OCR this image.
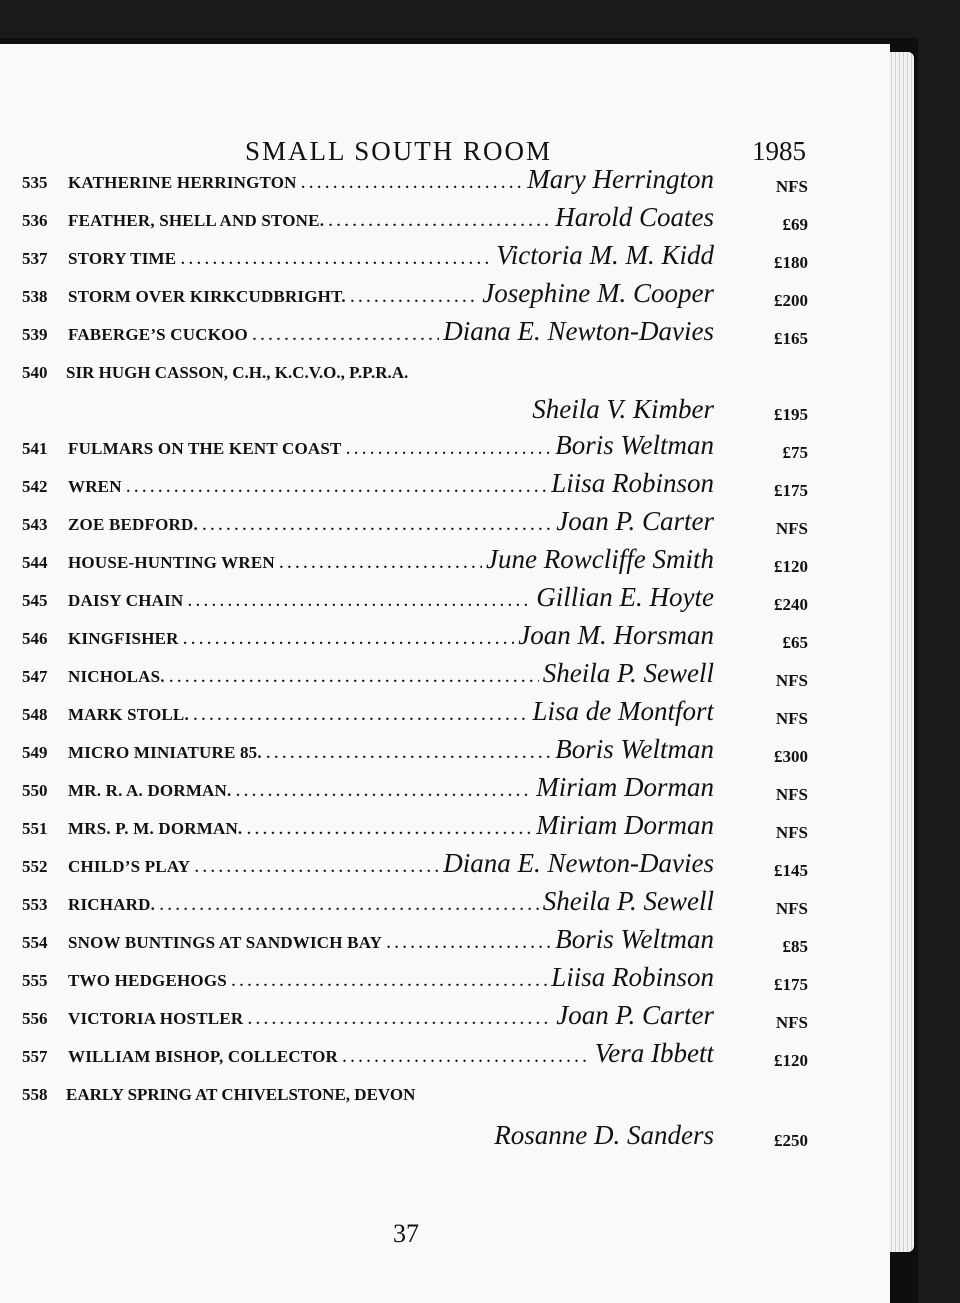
SMALL SOUTH ROOM	1985
535 KATHERINE HERRINGTON .....	Mary Herrington	NFS
536 FEATHER, SHELL AND STONE. .....	Harold Coates	£69
537 STORY TIME .....	Victoria M. M. Kidd	£180
538 STORM OVER KIRKCUDBRIGHT. .....	Josephine M. Cooper	£200
539 FABERGE’S CUCKOO .....	Diana E. Newton-Davies	£165
540 SIR HUGH CASSON, C.H., K.C.V.O., P.P.R.A.
Sheila V. Kimber	£195
541 FULMARS ON THE KENT COAST .....	Boris Weltman	£75
542 WREN .....	Liisa Robinson	£175
543 ZOE BEDFORD. .....	Joan P. Carter	NFS
544 HOUSE-HUNTING WREN .....	June Rowcliffe Smith	£120
545 DAISY CHAIN .....	Gillian E. Hoyte	£240
546 KINGFISHER .....	Joan M. Horsman	£65
547 NICHOLAS. .....	Sheila P. Sewell	NFS
548 MARK STOLL. .....	Lisa de Montfort	NFS
549 MICRO MINIATURE 85. .....	Boris Weltman	£300
550 MR. R. A. DORMAN. .....	Miriam Dorman	NFS
551 MRS. P. M. DORMAN. .....	Miriam Dorman	NFS
552 CHILD’S PLAY .....	Diana E. Newton-Davies	£145
553 RICHARD. .....	Sheila P. Sewell	NFS
554 SNOW BUNTINGS AT SANDWICH BAY .....	Boris Weltman	£85
555 TWO HEDGEHOGS .....	Liisa Robinson	£175
556 VICTORIA HOSTLER .....	Joan P. Carter	NFS
557 WILLIAM BISHOP, COLLECTOR .....	Vera Ibbett	£120
558 EARLY SPRING AT CHIVELSTONE, DEVON
Rosanne D. Sanders	£250
37
